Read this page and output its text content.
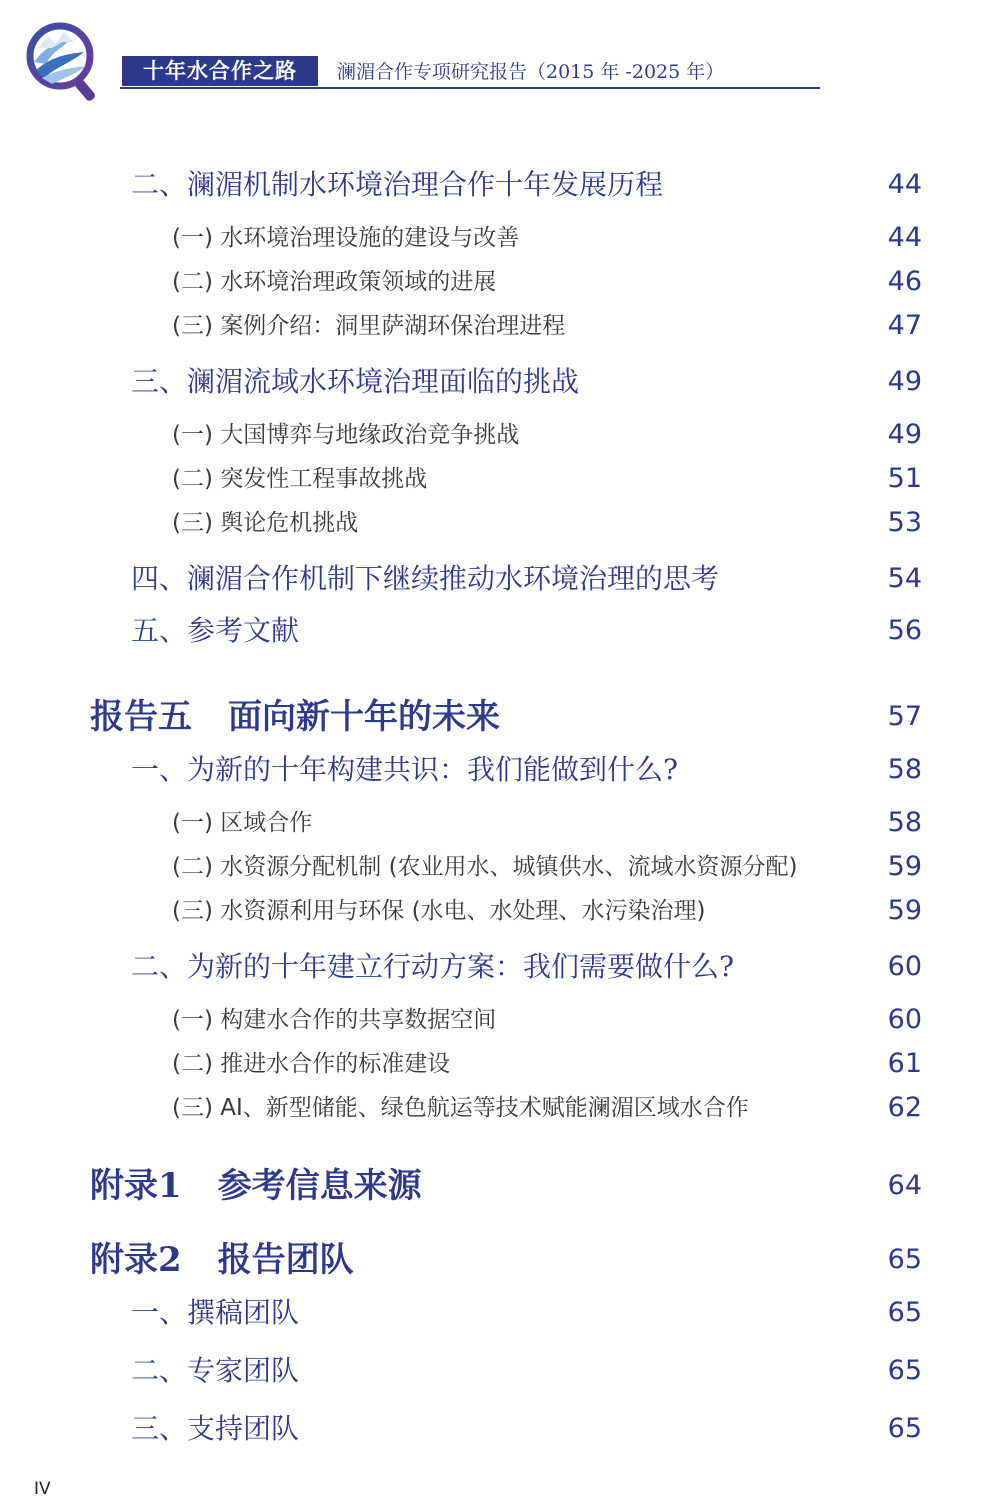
十年水合作之路	澜湄合作专项研究报告（2015 年 -2025 年）
二、澜湄机制水环境治理合作十年发展历程	44
(一) 水环境治理设施的建设与改善	44
(二) 水环境治理政策领域的进展	46
(三) 案例介绍：洞里萨湖环保治理进程	47
三、澜湄流域水环境治理面临的挑战	49
(一) 大国博弈与地缘政治竞争挑战	49
(二) 突发性工程事故挑战	51
(三) 舆论危机挑战	53
四、澜湄合作机制下继续推动水环境治理的思考	54
五、参考文献	56
报告五 面向新十年的未来	57
一、为新的十年构建共识：我们能做到什么?	58
(一) 区域合作	58
(二) 水资源分配机制 (农业用水、城镇供水、流域水资源分配)	59
(三) 水资源利用与环保 (水电、水处理、水污染治理)	59
二、为新的十年建立行动方案：我们需要做什么?	60
(一) 构建水合作的共享数据空间	60
(二) 推进水合作的标准建设	61
(三) AI、新型储能、绿色航运等技术赋能澜湄区域水合作	62
附录1 参考信息来源	64
附录2 报告团队	65
一、撰稿团队	65
二、专家团队	65
三、支持团队	65
IV
